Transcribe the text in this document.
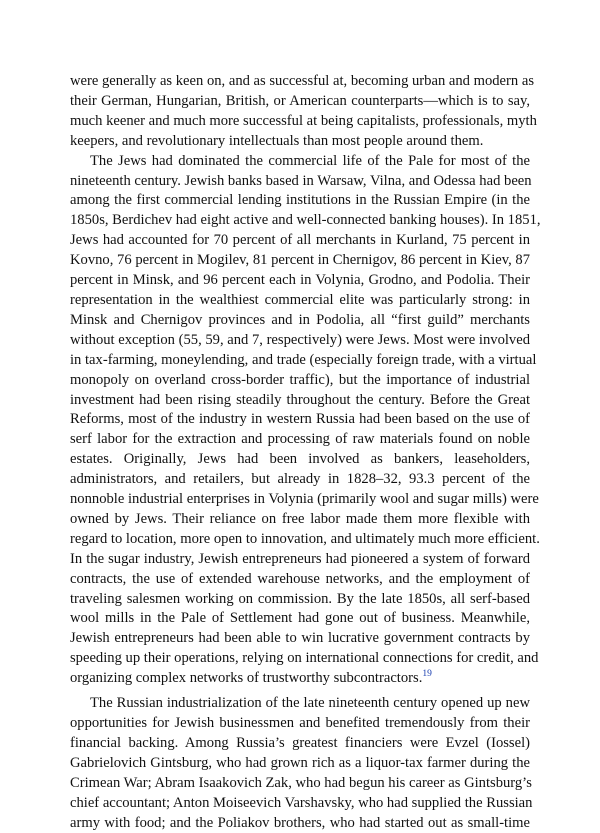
were generally as keen on, and as successful at, becoming urban and modern as
their German, Hungarian, British, or American counterparts—which is to say,
much keener and much more successful at being capitalists, professionals, myth
keepers, and revolutionary intellectuals than most people around them.

The Jews had dominated the commercial life of the Pale for most of the
nineteenth century. Jewish banks based in Warsaw, Vilna, and Odessa had been
among the first commercial lending institutions in the Russian Empire (in the
1850s, Berdichev had eight active and well-connected banking houses). In 1851,
Jews had accounted for 70 percent of all merchants in Kurland, 75 percent in
Kovno, 76 percent in Mogilev, 81 percent in Chernigov, 86 percent in Kiev, 87
percent in Minsk, and 96 percent each in Volynia, Grodno, and Podolia. Their
representation in the wealthiest commercial elite was particularly strong: in
Minsk and Chernigov provinces and in Podolia, all “first guild” merchants
without exception (55, 59, and 7, respectively) were Jews. Most were involved
in tax-farming, moneylending, and trade (especially foreign trade, with a virtual
monopoly on overland cross-border traffic), but the importance of industrial
investment had been rising steadily throughout the century. Before the Great
Reforms, most of the industry in western Russia had been based on the use of
serf labor for the extraction and processing of raw materials found on noble
estates. Originally, Jews had been involved as bankers, leaseholders,
administrators, and retailers, but already in 1828–32, 93.3 percent of the
nonnoble industrial enterprises in Volynia (primarily wool and sugar mills) were
owned by Jews. Their reliance on free labor made them more flexible with
regard to location, more open to innovation, and ultimately much more efficient.
In the sugar industry, Jewish entrepreneurs had pioneered a system of forward
contracts, the use of extended warehouse networks, and the employment of
traveling salesmen working on commission. By the late 1850s, all serf-based
wool mills in the Pale of Settlement had gone out of business. Meanwhile,
Jewish entrepreneurs had been able to win lucrative government contracts by
speeding up their operations, relying on international connections for credit, and
organizing complex networks of trustworthy subcontractors.$^{19}$

The Russian industrialization of the late nineteenth century opened up new
opportunities for Jewish businessmen and benefited tremendously from their
financial backing. Among Russia’s greatest financiers were Evzel (Iossel)
Gabrielovich Gintsburg, who had grown rich as a liquor-tax farmer during the
Crimean War; Abram Isaakovich Zak, who had begun his career as Gintsburg’s
chief accountant; Anton Moiseevich Varshavsky, who had supplied the Russian
army with food; and the Poliakov brothers, who had started out as small-time
